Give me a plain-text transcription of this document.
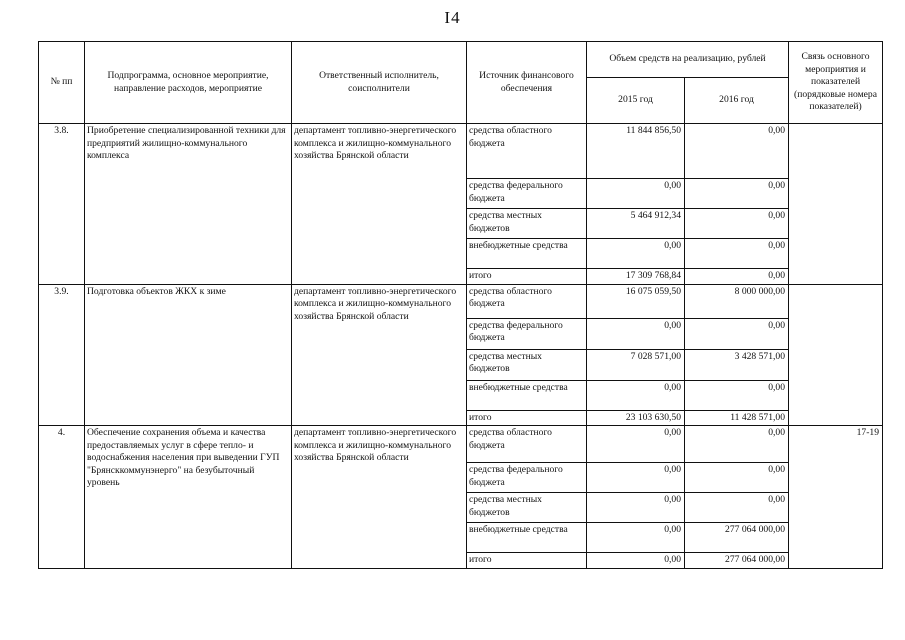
I4
№ пп	Подпрограмма, основное мероприятие, направление расходов, мероприятие	Ответственный исполнитель, соисполнители	Источник финансового обеспечения	Объем средств на реализацию, рублей		Связь основного мероприятия и показателей (порядковые номера показателей)
				2015 год	2016 год	
3.8.	Приобретение специализированной техники для предприятий жилищно-коммунального комплекса	департамент топливно-энергетического комплекса и жилищно-коммунального хозяйства Брянской области	средства областного бюджета	11 844 856,50	0,00	
			средства федерального бюджета	0,00	0,00	
			средства местных бюджетов	5 464 912,34	0,00	
			внебюджетные средства	0,00	0,00	
			итого	17 309 768,84	0,00	
3.9.	Подготовка объектов ЖКХ к зиме	департамент топливно-энергетического комплекса и жилищно-коммунального хозяйства Брянской области	средства областного бюджета	16 075 059,50	8 000 000,00	
			средства федерального бюджета	0,00	0,00	
			средства местных бюджетов	7 028 571,00	3 428 571,00	
			внебюджетные средства	0,00	0,00	
			итого	23 103 630,50	11 428 571,00	
4.	Обеспечение сохранения объема и качества предоставляемых услуг в сфере тепло- и водоснабжения населения при выведении ГУП "Брянсккоммунэнерго" на безубыточный уровень	департамент топливно-энергетического комплекса и жилищно-коммунального хозяйства Брянской области	средства областного бюджета	0,00	0,00	17-19
			средства федерального бюджета	0,00	0,00	
			средства местных бюджетов	0,00	0,00	
			внебюджетные средства	0,00	277 064 000,00	
			итого	0,00	277 064 000,00	
